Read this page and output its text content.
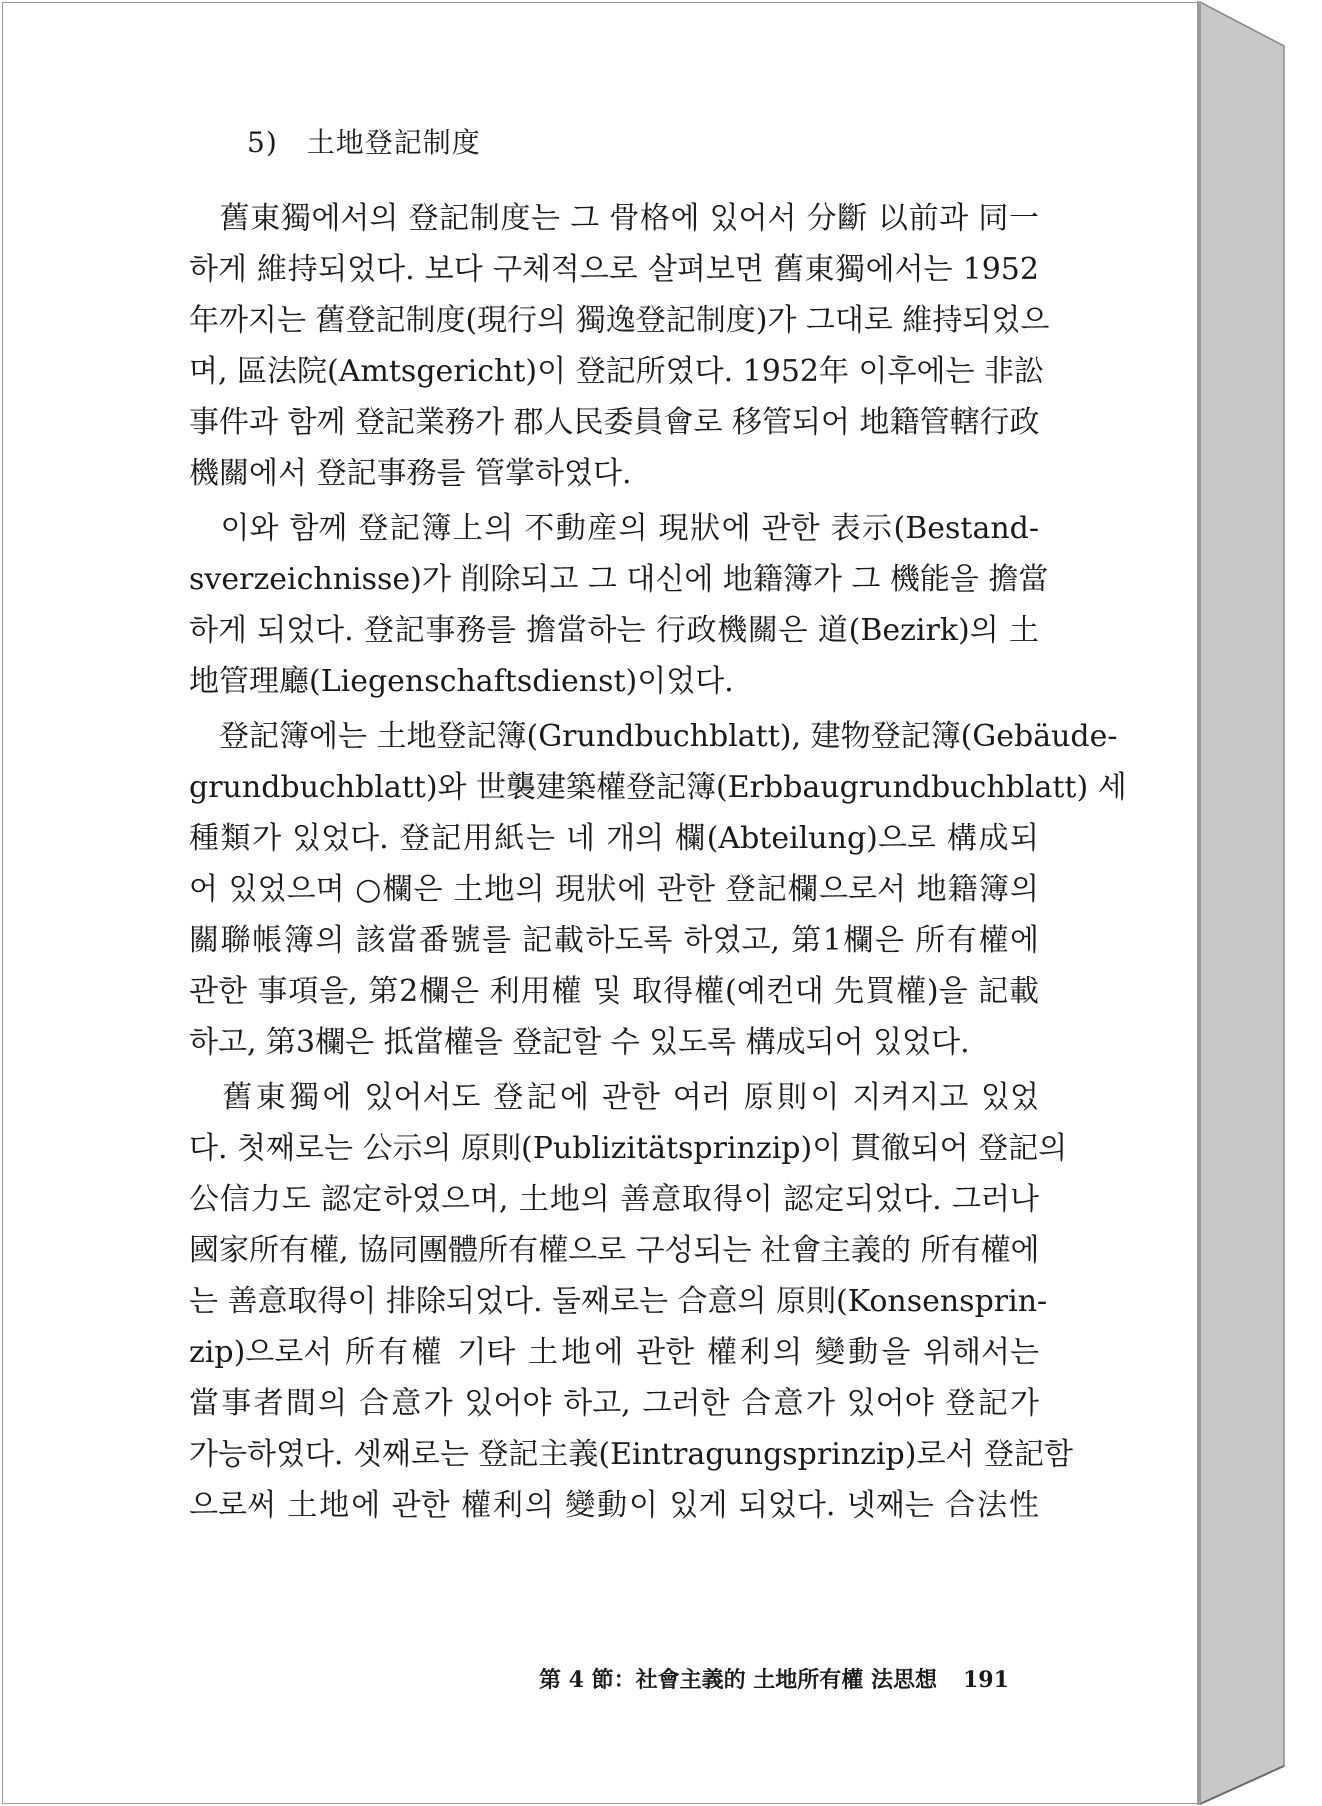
5)　土地登記制度
　舊東獨에서의 登記制度는 그 骨格에 있어서 分斷 以前과 同一
하게 維持되었다. 보다 구체적으로 살펴보면 舊東獨에서는 1952
年까지는 舊登記制度(現行의 獨逸登記制度)가 그대로 維持되었으
며, 區法院(Amtsgericht)이 登記所였다. 1952年 이후에는 非訟
事件과 함께 登記業務가 郡人民委員會로 移管되어 地籍管轄行政
機關에서 登記事務를 管掌하였다.
　이와 함께 登記簿上의 不動産의 現狀에 관한 表示(Bestand-
sverzeichnisse)가 削除되고 그 대신에 地籍簿가 그 機能을 擔當
하게 되었다. 登記事務를 擔當하는 行政機關은 道(Bezirk)의 土
地管理廳(Liegenschaftsdienst)이었다.
　登記簿에는 土地登記簿(Grundbuchblatt), 建物登記簿(Gebäude-
grundbuchblatt)와 世襲建築權登記簿(Erbbaugrundbuchblatt) 세
種類가 있었다. 登記用紙는 네 개의 欄(Abteilung)으로 構成되
어 있었으며 ○欄은 土地의 現狀에 관한 登記欄으로서 地籍簿의
關聯帳簿의 該當番號를 記載하도록 하였고, 第1欄은 所有權에
관한 事項을, 第2欄은 利用權 및 取得權(예컨대 先買權)을 記載
하고, 第3欄은 抵當權을 登記할 수 있도록 構成되어 있었다.
　舊東獨에 있어서도 登記에 관한 여러 原則이 지켜지고 있었
다. 첫째로는 公示의 原則(Publizitätsprinzip)이 貫徹되어 登記의
公信力도 認定하였으며, 土地의 善意取得이 認定되었다. 그러나
國家所有權, 協同團體所有權으로 구성되는 社會主義的 所有權에
는 善意取得이 排除되었다. 둘째로는 合意의 原則(Konsensprin-
zip)으로서 所有權 기타 土地에 관한 權利의 變動을 위해서는
當事者間의 合意가 있어야 하고, 그러한 合意가 있어야 登記가
가능하였다. 셋째로는 登記主義(Eintragungsprinzip)로서 登記함
으로써 土地에 관한 權利의 變動이 있게 되었다. 넷째는 合法性
第 4 節：社會主義的 土地所有權 法思想 191
